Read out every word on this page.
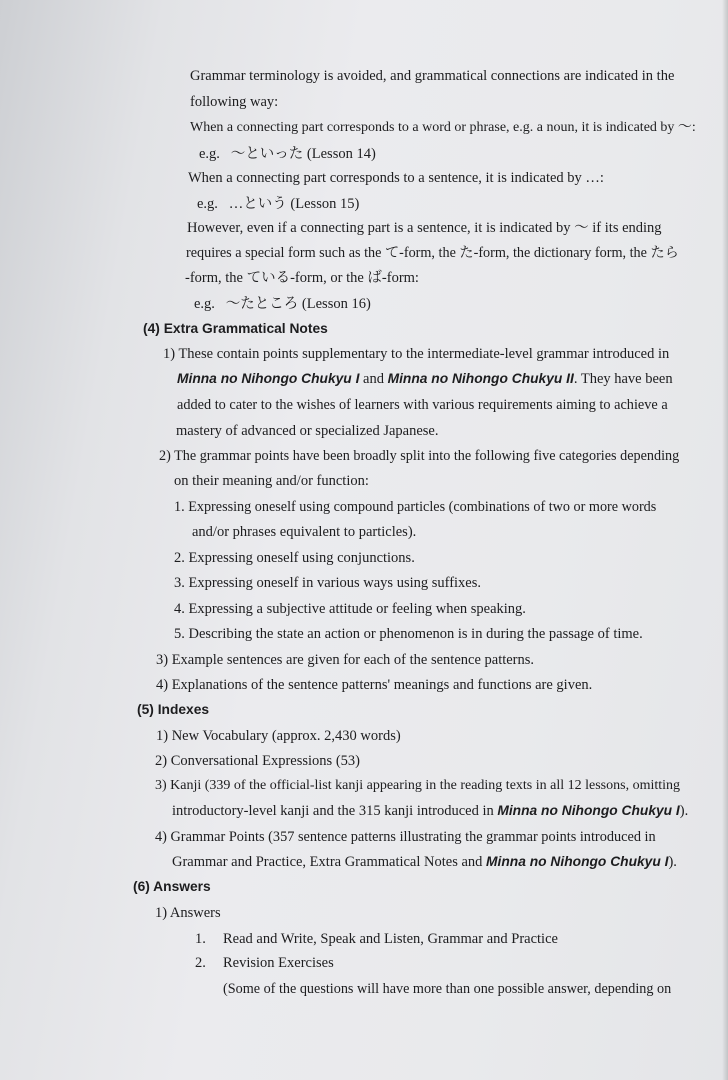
Grammar terminology is avoided, and grammatical connections are indicated in the
following way:
When a connecting part corresponds to a word or phrase, e.g. a noun, it is indicated by ～:
e.g.   ～といった (Lesson 14)
When a connecting part corresponds to a sentence, it is indicated by …:
e.g.   …という (Lesson 15)
However, even if a connecting part is a sentence, it is indicated by ～ if its ending
requires a special form such as the て-form, the た-form, the dictionary form, the たら
-form, the ている-form, or the ば-form:
e.g.   ～たところ (Lesson 16)
(4) Extra Grammatical Notes
1) These contain points supplementary to the intermediate-level grammar introduced in
Minna no Nihongo Chukyu I and Minna no Nihongo Chukyu II. They have been
added to cater to the wishes of learners with various requirements aiming to achieve a
mastery of advanced or specialized Japanese.
2) The grammar points have been broadly split into the following five categories depending
on their meaning and/or function:
1. Expressing oneself using compound particles (combinations of two or more words
and/or phrases equivalent to particles).
2. Expressing oneself using conjunctions.
3. Expressing oneself in various ways using suffixes.
4. Expressing a subjective attitude or feeling when speaking.
5. Describing the state an action or phenomenon is in during the passage of time.
3) Example sentences are given for each of the sentence patterns.
4) Explanations of the sentence patterns' meanings and functions are given.
(5) Indexes
1) New Vocabulary (approx. 2,430 words)
2) Conversational Expressions (53)
3) Kanji (339 of the official-list kanji appearing in the reading texts in all 12 lessons, omitting
introductory-level kanji and the 315 kanji introduced in Minna no Nihongo Chukyu I).
4) Grammar Points (357 sentence patterns illustrating the grammar points introduced in
Grammar and Practice, Extra Grammatical Notes and Minna no Nihongo Chukyu I).
(6) Answers
1) Answers
1. Read and Write, Speak and Listen, Grammar and Practice
2. Revision Exercises
(Some of the questions will have more than one possible answer, depending on
